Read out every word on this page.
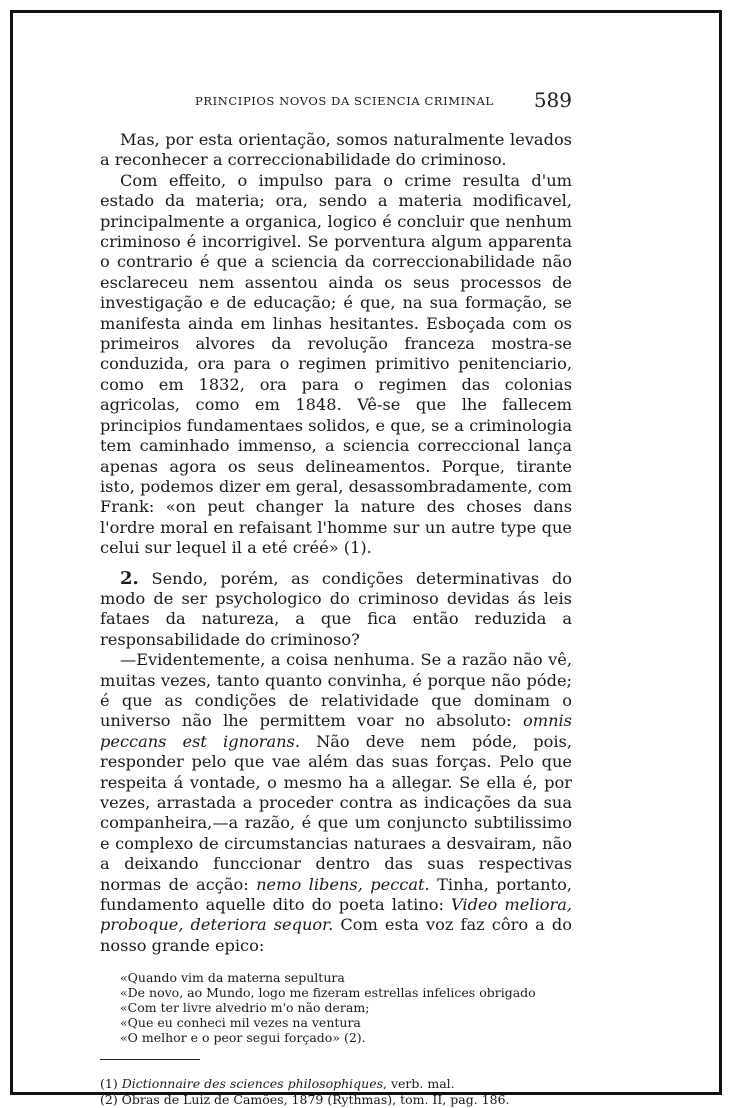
PRINCIPIOS NOVOS DA SCIENCIA CRIMINAL 589

Mas, por esta orientação, somos naturalmente levados a reconhecer a correccionabilidade do criminoso.

Com effeito, o impulso para o crime resulta d'um estado da materia; ora, sendo a materia modificavel, principalmente a organica, logico é concluir que nenhum criminoso é incorrigivel. Se porventura algum apparenta o contrario é que a sciencia da correccionabilidade não esclareceu nem assentou ainda os seus processos de investigação e de educação; é que, na sua formação, se manifesta ainda em linhas hesitantes. Esboçada com os primeiros alvores da revolução franceza mostra-se conduzida, ora para o regimen primitivo penitenciario, como em 1832, ora para o regimen das colonias agricolas, como em 1848. Vê-se que lhe fallecem principios fundamentaes solidos, e que, se a criminologia tem caminhado immenso, a sciencia correccional lança apenas agora os seus delineamentos. Porque, tirante isto, podemos dizer em geral, desassombradamente, com Frank: «on peut changer la nature des choses dans l'ordre moral en refaisant l'homme sur un autre type que celui sur lequel il a eté créé» (1).

2. Sendo, porém, as condições determinativas do modo de ser psychologico do criminoso devidas ás leis fataes da natureza, a que fica então reduzida a responsabilidade do criminoso?

—Evidentemente, a coisa nenhuma. Se a razão não vê, muitas vezes, tanto quanto convinha, é porque não póde; é que as condições de relatividade que dominam o universo não lhe permittem voar no absoluto: omnis peccans est ignorans. Não deve nem póde, pois, responder pelo que vae além das suas forças. Pelo que respeita á vontade, o mesmo ha a allegar. Se ella é, por vezes, arrastada a proceder contra as indicações da sua companheira,—a razão, é que um conjuncto subtilissimo e complexo de circumstancias naturaes a desvairam, não a deixando funccionar dentro das suas respectivas normas de acção: nemo libens, peccat. Tinha, portanto, fundamento aquelle dito do poeta latino: Video meliora, proboque, deteriora sequor. Com esta voz faz côro a do nosso grande epico:

«Quando vim da materna sepultura
«De novo, ao Mundo, logo me fizeram estrellas infelices obrigado
«Com ter livre alvedrio m'o não deram;
«Que eu conheci mil vezes na ventura
«O melhor e o peor segui forçado» (2).
(1) Dictionnaire des sciences philosophiques, verb. mal.
(2) Obras de Luiz de Camões, 1879 (Rythmas), tom. II, pag. 186.
